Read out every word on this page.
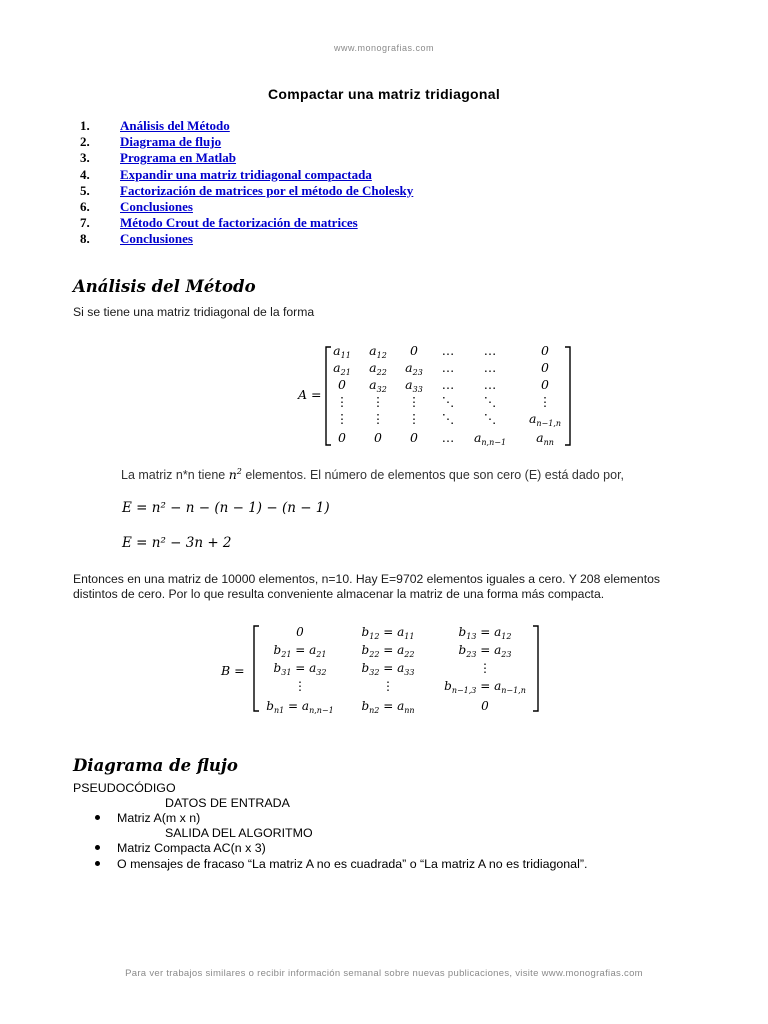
www.monografias.com
Compactar una matriz tridiagonal
1. Análisis del Método
2. Diagrama de flujo
3. Programa en Matlab
4. Expandir una matriz tridiagonal compactada
5. Factorización de matrices por el método de Cholesky
6. Conclusiones
7. Método Crout de factorización de matrices
8. Conclusiones
Análisis del Método
Si se tiene una matriz tridiagonal de la forma
A =
$a_{11}$ $a_{12}$ 0 … …	0
$a_{21}$ $a_{22}$ $a_{23}$ … …	0
0 $a_{32}$ $a_{33}$ … …	0
⋮ ⋮ ⋮ ⋱ ⋱	⋮
⋮ ⋮ ⋮ ⋱ ⋱	$a_{n-1,n}$
0 0 0 … $a_{n,n-1}$ $a_{nn}$
La matriz n*n tiene $n^2$ elementos. El número de elementos que son cero (E) está dado por,
E = n² − n − (n − 1) − (n − 1)
E = n² − 3n + 2
Entonces en una matriz de 10000 elementos, n=10. Hay E=9702 elementos iguales a cero. Y 208 elementos
distintos de cero. Por lo que resulta conveniente almacenar la matriz de una forma más compacta.
B =
0	$b_{12} = a_{11}$	$b_{13} = a_{12}$
$b_{21} = a_{21}$	$b_{22} = a_{22}$	$b_{23} = a_{23}$
$b_{31} = a_{32}$	$b_{32} = a_{33}$	⋮
⋮	⋮	$b_{n-1,3} = a_{n-1,n}$
$b_{n1} = a_{n,n-1}$ $b_{n2} = a_{nn}$	0
Diagrama de flujo
PSEUDOCÓDIGO
DATOS DE ENTRADA
Matriz A(m x n)
SALIDA DEL ALGORITMO
Matriz Compacta AC(n x 3)
O mensajes de fracaso “La matriz A no es cuadrada” o “La matriz A no es tridiagonal”.
Para ver trabajos similares o recibir información semanal sobre nuevas publicaciones, visite www.monografias.com
